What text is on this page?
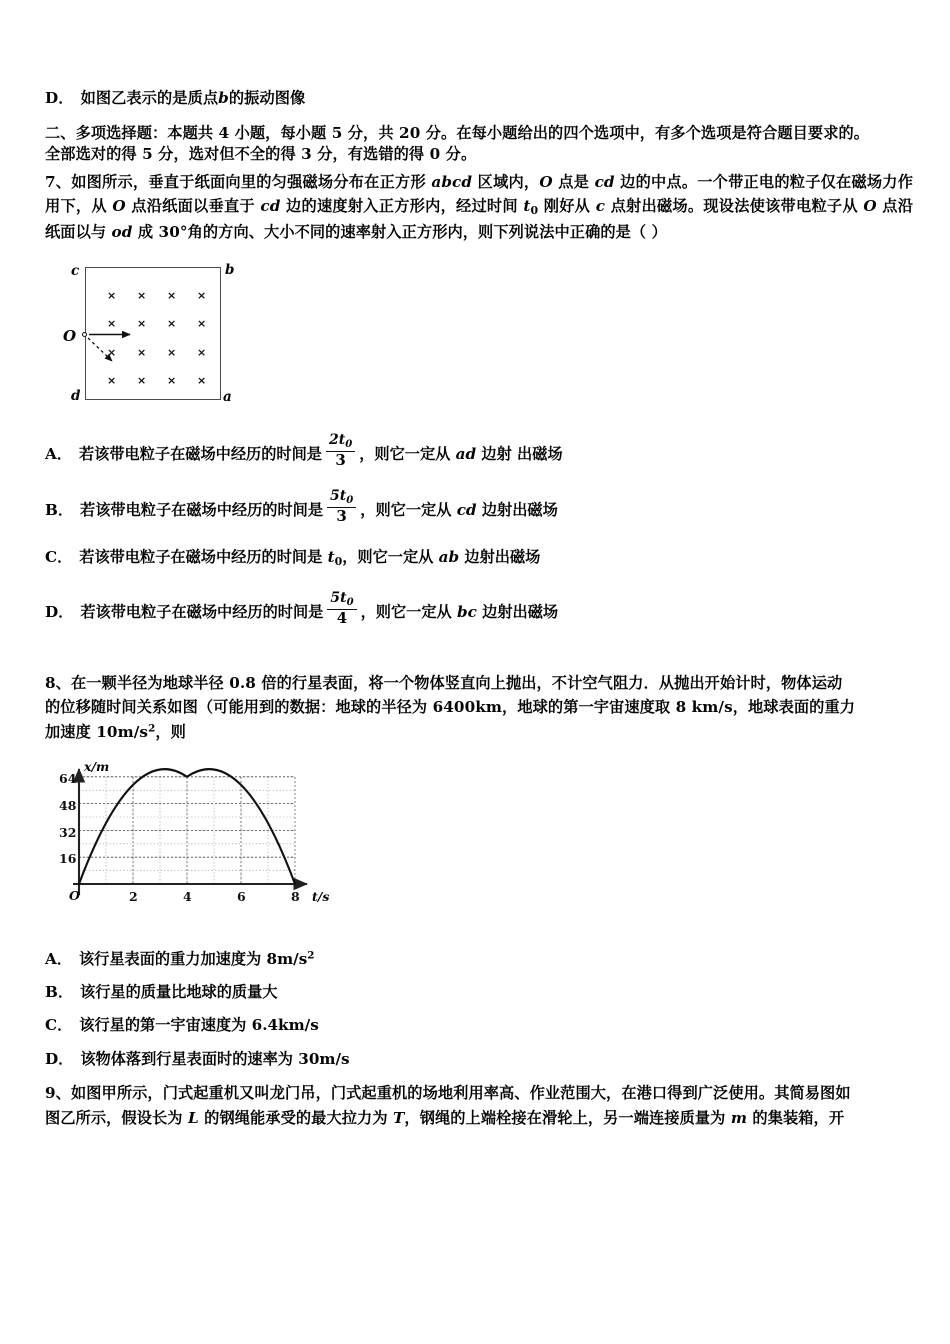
D． 如图乙表示的是质点b的振动图像

二、多项选择题：本题共 4 小题，每小题 5 分，共 20 分。在每小题给出的四个选项中，有多个选项是符合题目要求的。

全部选对的得 5 分，选对但不全的得 3 分，有选错的得 0 分。

7、如图所示，垂直于纸面向里的匀强磁场分布在正方形 abcd 区域内，O 点是 cd 边的中点。一个带正电的粒子仅在磁场力作用下，从 O 点沿纸面以垂直于 cd 边的速度射入正方形内，经过时间 $t_0$ 刚好从 c 点射出磁场。现设法使该带电粒子从 O 点沿纸面以与 od 成 30°角的方向、大小不同的速率射入正方形内，则下列说法中正确的是（ ）

c	b
d	a
× × × ×
× × × ×
× × × ×
× × × ×
O

A． 若该带电粒子在磁场中经历的时间是 $\frac{2t_0}{3}$ ，则它一定从 ad 边射 出磁场

B． 若该带电粒子在磁场中经历的时间是 $\frac{5t_0}{3}$ ，则它一定从 cd 边射出磁场

C． 若该带电粒子在磁场中经历的时间是 $t_0$，则它一定从 ab 边射出磁场

D． 若该带电粒子在磁场中经历的时间是 $\frac{5t_0}{4}$ ，则它一定从 bc 边射出磁场

8、在一颗半径为地球半径 0.8 倍的行星表面，将一个物体竖直向上抛出，不计空气阻力．从抛出开始计时，物体运动

的位移随时间关系如图（可能用到的数据：地球的半径为 6400km，地球的第一宇宙速度取 8 km/s，地球表面的重力

加速度 $10m/s^2$，则

64
48
32
16
2	4	6	8
x/m
t/s
O

A． 该行星表面的重力加速度为 $8m/s^2$

B． 该行星的质量比地球的质量大

C． 该行星的第一宇宙速度为 6.4km/s

D． 该物体落到行星表面时的速率为 30m/s

9、如图甲所示，门式起重机又叫龙门吊，门式起重机的场地利用率高、作业范围大，在港口得到广泛使用。其简易图如

图乙所示，假设长为 L 的钢绳能承受的最大拉力为 T，钢绳的上端栓接在滑轮上，另一端连接质量为 m 的集装箱，开
